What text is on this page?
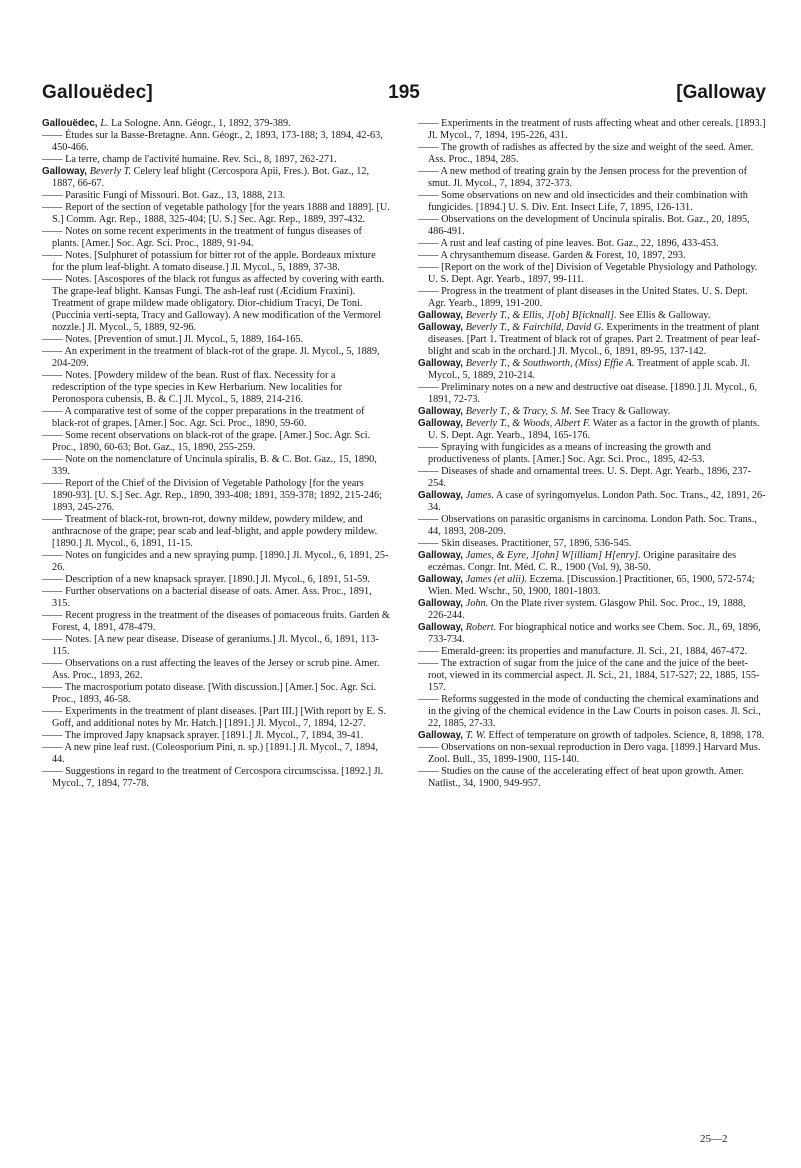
Gallouëdec]	195	[Galloway

Gallouëdec, L. La Sologne. Ann. Géogr., 1, 1892, 379-389.

—— Études sur la Basse-Bretagne. Ann. Géogr., 2, 1893, 173-188; 3, 1894, 42-63, 450-466.

—— La terre, champ de l'activité humaine. Rev. Sci., 8, 1897, 262-271.

Galloway, Beverly T. Celery leaf blight (Cercospora Apii, Fres.). Bot. Gaz., 12, 1887, 66-67.

—— Parasitic Fungi of Missouri. Bot. Gaz., 13, 1888, 213.

—— Report of the section of vegetable pathology [for the years 1888 and 1889]. [U. S.] Comm. Agr. Rep., 1888, 325-404; [U. S.] Sec. Agr. Rep., 1889, 397-432.

—— Notes on some recent experiments in the treatment of fungus diseases of plants. [Amer.] Soc. Agr. Sci. Proc., 1889, 91-94.

—— Notes. [Sulphuret of potassium for bitter rot of the apple. Bordeaux mixture for the plum leaf-blight. A tomato disease.] Jl. Mycol., 5, 1889, 37-38.

—— Notes. [Ascospores of the black rot fungus as affected by covering with earth. The grape-leaf blight. Kansas Fungi. The ash-leaf rust (Æcidium Fraxini). Treatment of grape mildew made obligatory. Dior-chidium Tracyi, De Toni. (Puccinia verti-septa, Tracy and Galloway). A new modification of the Vermorel nozzle.] Jl. Mycol., 5, 1889, 92-96.

—— Notes. [Prevention of smut.] Jl. Mycol., 5, 1889, 164-165.

—— An experiment in the treatment of black-rot of the grape. Jl. Mycol., 5, 1889, 204-209.

—— Notes. [Powdery mildew of the bean. Rust of flax. Necessity for a redescription of the type species in Kew Herbarium. New localities for Peronospora cubensis, B. & C.] Jl. Mycol., 5, 1889, 214-216.

—— A comparative test of some of the copper preparations in the treatment of black-rot of grapes. [Amer.] Soc. Agr. Sci. Proc., 1890, 59-60.

—— Some recent observations on black-rot of the grape. [Amer.] Soc. Agr. Sci. Proc., 1890, 60-63; Bot. Gaz., 15, 1890, 255-259.

—— Note on the nomenclature of Uncinula spiralis, B. & C. Bot. Gaz., 15, 1890, 339.

—— Report of the Chief of the Division of Vegetable Pathology [for the years 1890-93]. [U. S.] Sec. Agr. Rep., 1890, 393-408; 1891, 359-378; 1892, 215-246; 1893, 245-276.

—— Treatment of black-rot, brown-rot, downy mildew, powdery mildew, and anthracnose of the grape; pear scab and leaf-blight, and apple powdery mildew. [1890.] Jl. Mycol., 6, 1891, 11-15.

—— Notes on fungicides and a new spraying pump. [1890.] Jl. Mycol., 6, 1891, 25-26.

—— Description of a new knapsack sprayer. [1890.] Jl. Mycol., 6, 1891, 51-59.

—— Further observations on a bacterial disease of oats. Amer. Ass. Proc., 1891, 315.

—— Recent progress in the treatment of the diseases of pomaceous fruits. Garden & Forest, 4, 1891, 478-479.

—— Notes. [A new pear disease. Disease of geraniums.] Jl. Mycol., 6, 1891, 113-115.

—— Observations on a rust affecting the leaves of the Jersey or scrub pine. Amer. Ass. Proc., 1893, 262.

—— The macrosporium potato disease. [With discussion.] [Amer.] Soc. Agr. Sci. Proc., 1893, 46-58.

—— Experiments in the treatment of plant diseases. [Part III.] [With report by E. S. Goff, and additional notes by Mr. Hatch.] [1891.] Jl. Mycol., 7, 1894, 12-27.

—— The improved Japy knapsack sprayer. [1891.] Jl. Mycol., 7, 1894, 39-41.

—— A new pine leaf rust. (Coleosporium Pini, n. sp.) [1891.] Jl. Mycol., 7, 1894, 44.

—— Suggestions in regard to the treatment of Cercospora circumscissa. [1892.] Jl. Mycol., 7, 1894, 77-78.

—— Experiments in the treatment of rusts affecting wheat and other cereals. [1893.] Jl. Mycol., 7, 1894, 195-226, 431.

—— The growth of radishes as affected by the size and weight of the seed. Amer. Ass. Proc., 1894, 285.

—— A new method of treating grain by the Jensen process for the prevention of smut. Jl. Mycol., 7, 1894, 372-373.

—— Some observations on new and old insecticides and their combination with fungicides. [1894.] U. S. Div. Ent. Insect Life, 7, 1895, 126-131.

—— Observations on the development of Uncinula spiralis. Bot. Gaz., 20, 1895, 486-491.

—— A rust and leaf casting of pine leaves. Bot. Gaz., 22, 1896, 433-453.

—— A chrysanthemum disease. Garden & Forest, 10, 1897, 293.

—— [Report on the work of the] Division of Vegetable Physiology and Pathology. U. S. Dept. Agr. Yearb., 1897, 99-111.

—— Progress in the treatment of plant diseases in the United States. U. S. Dept. Agr. Yearb., 1899, 191-200.

Galloway, Beverly T., & Ellis, J[ob] B[icknall]. See Ellis & Galloway.

Galloway, Beverly T., & Fairchild, David G. Experiments in the treatment of plant diseases. [Part 1. Treatment of black rot of grapes. Part 2. Treatment of pear leaf-blight and scab in the orchard.] Jl. Mycol., 6, 1891, 89-95, 137-142.

Galloway, Beverly T., & Southworth, (Miss) Effie A. Treatment of apple scab. Jl. Mycol., 5, 1889, 210-214.

—— Preliminary notes on a new and destructive oat disease. [1890.] Jl. Mycol., 6, 1891, 72-73.

Galloway, Beverly T., & Tracy, S. M. See Tracy & Galloway.

Galloway, Beverly T., & Woods, Albert F. Water as a factor in the growth of plants. U. S. Dept. Agr. Yearb., 1894, 165-176.

—— Spraying with fungicides as a means of increasing the growth and productiveness of plants. [Amer.] Soc. Agr. Sci. Proc., 1895, 42-53.

—— Diseases of shade and ornamental trees. U. S. Dept. Agr. Yearb., 1896, 237-254.

Galloway, James. A case of syringomyelus. London Path. Soc. Trans., 42, 1891, 26-34.

—— Observations on parasitic organisms in carcinoma. London Path. Soc. Trans., 44, 1893, 208-209.

—— Skin diseases. Practitioner, 57, 1896, 536-545.

Galloway, James, & Eyre, J[ohn] W[illiam] H[enry]. Origine parasitaire des eczémas. Congr. Int. Méd. C. R., 1900 (Vol. 9), 38-50.

Galloway, James (et alii). Eczema. [Discussion.] Practitioner, 65, 1900, 572-574; Wien. Med. Wschr., 50, 1900, 1801-1803.

Galloway, John. On the Plate river system. Glasgow Phil. Soc. Proc., 19, 1888, 226-244.

Galloway, Robert. For biographical notice and works see Chem. Soc. Jl., 69, 1896, 733-734.

—— Emerald-green: its properties and manufacture. Jl. Sci., 21, 1884, 467-472.

—— The extraction of sugar from the juice of the cane and the juice of the beet-root, viewed in its commercial aspect. Jl. Sci., 21, 1884, 517-527; 22, 1885, 155-157.

—— Reforms suggested in the mode of conducting the chemical examinations and in the giving of the chemical evidence in the Law Courts in poison cases. Jl. Sci., 22, 1885, 27-33.

Galloway, T. W. Effect of temperature on growth of tadpoles. Science, 8, 1898, 178.

—— Observations on non-sexual reproduction in Dero vaga. [1899.] Harvard Mus. Zool. Bull., 35, 1899-1900, 115-140.

—— Studies on the cause of the accelerating effect of heat upon growth. Amer. Natlist., 34, 1900, 949-957.

25—2
